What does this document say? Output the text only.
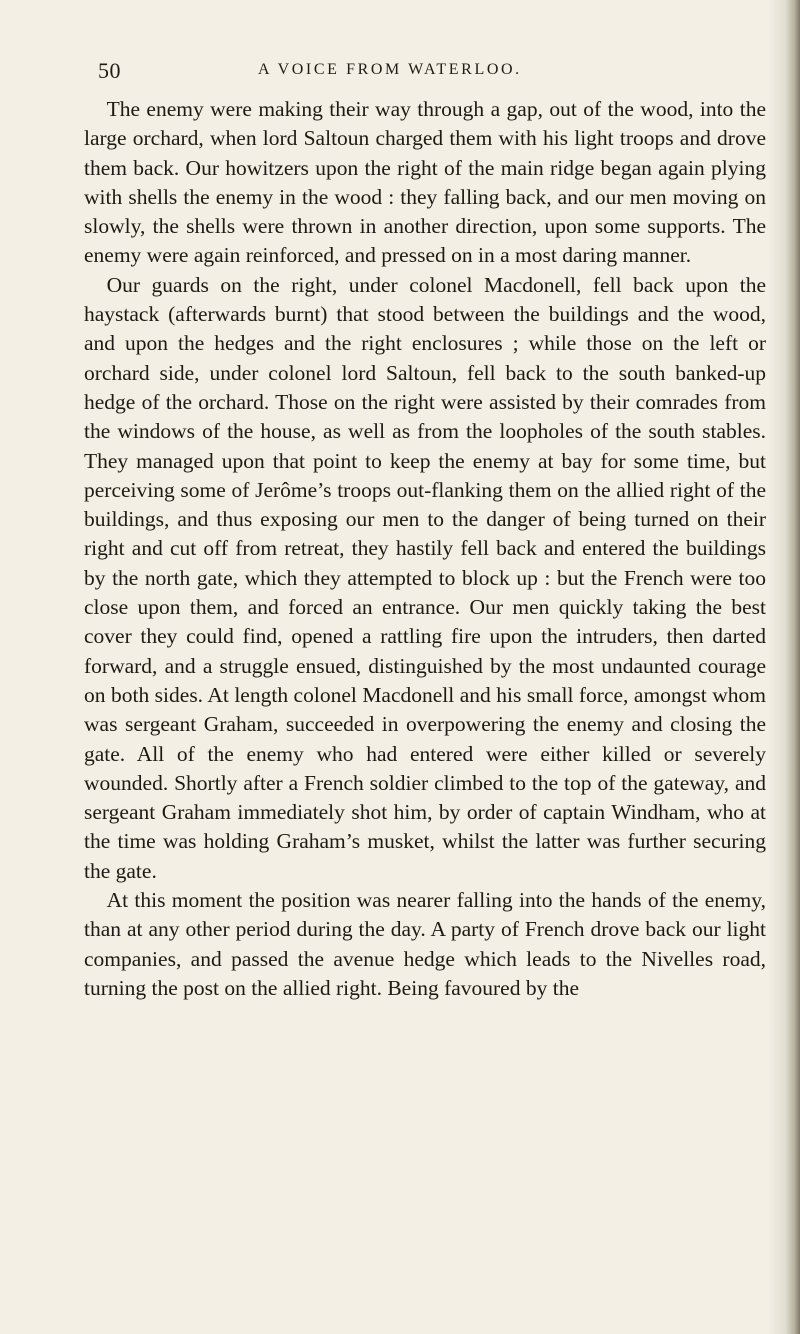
50	A VOICE FROM WATERLOO.

The enemy were making their way through a gap, out of the wood, into the large orchard, when lord Saltoun charged them with his light troops and drove them back. Our howitzers upon the right of the main ridge began again plying with shells the enemy in the wood : they falling back, and our men moving on slowly, the shells were thrown in another direction, upon some supports. The enemy were again reinforced, and pressed on in a most daring manner.

Our guards on the right, under colonel Macdonell, fell back upon the haystack (afterwards burnt) that stood between the buildings and the wood, and upon the hedges and the right enclosures ; while those on the left or orchard side, under colonel lord Saltoun, fell back to the south banked-up hedge of the orchard. Those on the right were assisted by their comrades from the windows of the house, as well as from the loopholes of the south stables. They managed upon that point to keep the enemy at bay for some time, but perceiving some of Jerôme’s troops out-flanking them on the allied right of the buildings, and thus exposing our men to the danger of being turned on their right and cut off from retreat, they hastily fell back and entered the buildings by the north gate, which they attempted to block up : but the French were too close upon them, and forced an entrance. Our men quickly taking the best cover they could find, opened a rattling fire upon the intruders, then darted forward, and a struggle ensued, distinguished by the most undaunted courage on both sides. At length colonel Macdonell and his small force, amongst whom was sergeant Graham, succeeded in overpowering the enemy and closing the gate. All of the enemy who had entered were either killed or severely wounded. Shortly after a French soldier climbed to the top of the gateway, and sergeant Graham immediately shot him, by order of captain Windham, who at the time was holding Graham’s musket, whilst the latter was further securing the gate.

At this moment the position was nearer falling into the hands of the enemy, than at any other period during the day. A party of French drove back our light companies, and passed the avenue hedge which leads to the Nivelles road, turning the post on the allied right. Being favoured by the
